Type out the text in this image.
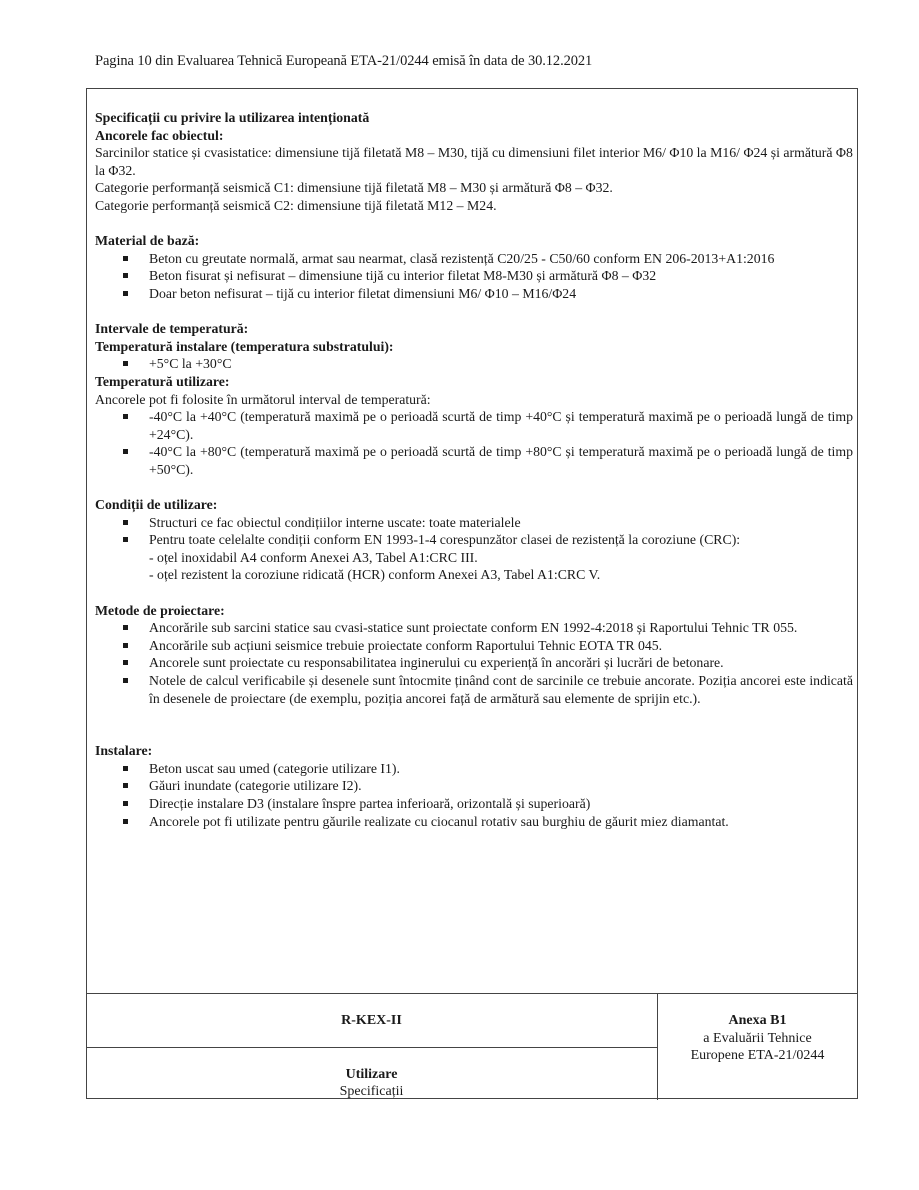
Pagina 10 din Evaluarea Tehnică Europeană ETA-21/0244 emisă în data de 30.12.2021
Specificații cu privire la utilizarea intenționată
Ancorele fac obiectul:

Sarcinilor statice și cvasistatice: dimensiune tijă filetată M8 – M30, tijă cu dimensiuni filet interior M6/ Φ10 la M16/ Φ24 și armătură Φ8 la Φ32.

Categorie performanță seismică C1: dimensiune tijă filetată M8 – M30 și armătură Φ8 – Φ32.

Categorie performanță seismică C2: dimensiune tijă filetată M12 – M24.

Material de bază:
Beton cu greutate normală, armat sau nearmat, clasă rezistență C20/25 - C50/60 conform EN 206-2013+A1:2016
Beton fisurat și nefisurat – dimensiune tijă cu interior filetat M8-M30 și armătură Φ8 – Φ32
Doar beton nefisurat – tijă cu interior filetat dimensiuni M6/ Φ10 – M16/Φ24
Intervale de temperatură:
Temperatură instalare (temperatura substratului):
+5°C la +30°C
Temperatură utilizare:

Ancorele pot fi folosite în următorul interval de temperatură:

-40°C la +40°C (temperatură maximă pe o perioadă scurtă de timp +40°C și temperatură maximă pe o perioadă lungă de timp +24°C).
-40°C la +80°C (temperatură maximă pe o perioadă scurtă de timp +80°C și temperatură maximă pe o perioadă lungă de timp +50°C).
Condiții de utilizare:
Structuri ce fac obiectul condițiilor interne uscate: toate materialele
Pentru toate celelalte condiții conform EN 1993-1-4 corespunzător clasei de rezistență la coroziune (CRC):
- oțel inoxidabil A4 conform Anexei A3, Tabel A1:CRC III.
- oțel rezistent la coroziune ridicată (HCR) conform Anexei A3, Tabel A1:CRC V.
Metode de proiectare:
Ancorările sub sarcini statice sau cvasi-statice sunt proiectate conform EN 1992-4:2018 și Raportului Tehnic TR 055.
Ancorările sub acțiuni seismice trebuie proiectate conform Raportului Tehnic EOTA TR 045.
Ancorele sunt proiectate cu responsabilitatea inginerului cu experiență în ancorări și lucrări de betonare.
Notele de calcul verificabile și desenele sunt întocmite ținând cont de sarcinile ce trebuie ancorate. Poziția ancorei este indicată în desenele de proiectare (de exemplu, poziția ancorei față de armătură sau elemente de sprijin etc.).
Instalare:
Beton uscat sau umed (categorie utilizare I1).
Găuri inundate (categorie utilizare I2).
Direcție instalare D3 (instalare înspre partea inferioară, orizontală și superioară)
Ancorele pot fi utilizate pentru găurile realizate cu ciocanul rotativ sau burghiu de găurit miez diamantat.
R-KEX-II
Utilizare
Specificații
Anexa B1
a Evaluării Tehnice
Europene ETA-21/0244
